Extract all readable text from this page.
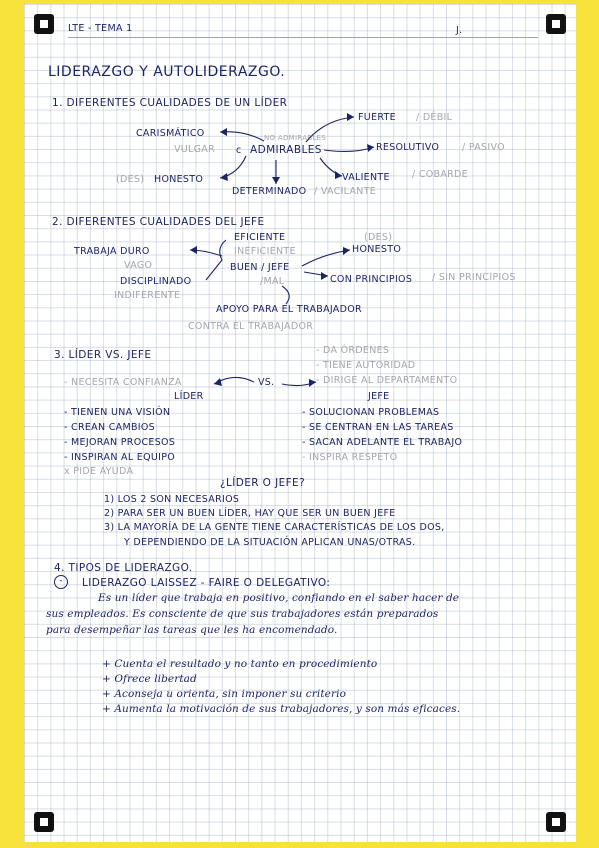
LTE - TEMA 1	J.
LIDERAZGO Y AUTOLIDERAZGO.
1. DIFERENTES CUALIDADES DE UN LÍDER
CARISMÁTICO
VULGAR
NO ADMIRABLES
c ADMIRABLES
FUERTE / DÉBIL
RESOLUTIVO / PASIVO
(DES) HONESTO	VALIENTE / COBARDE
DETERMINADO / VACILANTE
2. DIFERENTES CUALIDADES DEL JEFE
EFICIENTE
INEFICIENTE
TRABAJA DURO
VAGO	BUEN / JEFE
/MAL
DISCIPLINADO
INDIFERENTE
(DES)
HONESTO
CON PRINCIPIOS / SIN PRINCIPIOS
APOYO PARA EL TRABAJADOR
CONTRA EL TRABAJADOR
3. LÍDER VS. JEFE	- DA ÓRDENES
- TIENE AUTORIDAD
- DIRIGE AL DEPARTAMENTO
- NECESITA CONFIANZA	VS.
LÍDER	JEFE
- TIENEN UNA VISIÓN
- CREAN CAMBIOS
- MEJORAN PROCESOS
- INSPIRAN AL EQUIPO
x PIDE AYUDA
- SOLUCIONAN PROBLEMAS
- SE CENTRAN EN LAS TAREAS
- SACAN ADELANTE EL TRABAJO
- INSPIRA RESPETO
¿LÍDER O JEFE?
1) LOS 2 SON NECESARIOS
2) PARA SER UN BUEN LÍDER, HAY QUE SER UN BUEN JEFE
3) LA MAYORÍA DE LA GENTE TIENE CARACTERÍSTICAS DE LOS DOS,
Y DEPENDIENDO DE LA SITUACIÓN APLICAN UNAS/OTRAS.
4. TIPOS DE LIDERAZGO.
-	LIDERAZGO LAISSEZ - FAIRE O DELEGATIVO:
Es un líder que trabaja en positivo, confiando en el saber hacer de
sus empleados. Es consciente de que sus trabajadores están preparados
para desempeñar las tareas que les ha encomendado.
+ Cuenta el resultado y no tanto en procedimiento
+ Ofrece libertad
+ Aconseja u orienta, sin imponer su criterio
+ Aumenta la motivación de sus trabajadores, y son más eficaces.
